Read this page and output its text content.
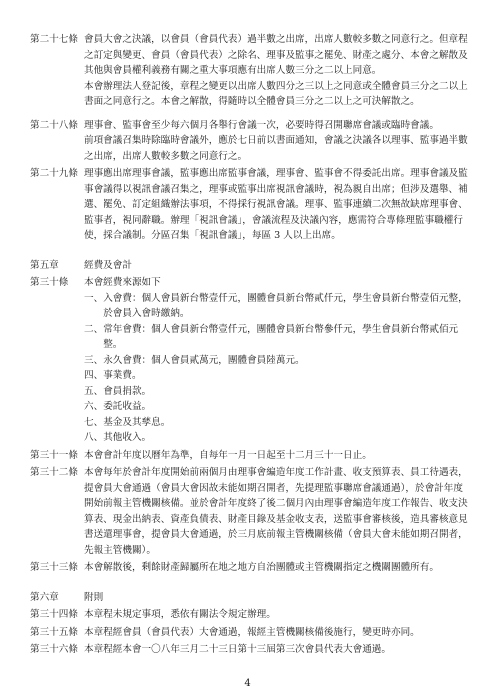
第二十七條 會員大會之決議，以會員（會員代表）過半數之出席，出席人數較多數之同意行之。但章程之訂定與變更、會員（會員代表）之除名、理事及監事之罷免、財產之處分、本會之解散及其他與會員權利義務有關之重大事項應有出席人數三分之二以上同意。

本會辦理法人登記後，章程之變更以出席人數四分之三以上之同意或全體會員三分之二以上書面之同意行之。本會之解散，得隨時以全體會員三分之二以上之可決解散之。

第二十八條 理事會、監事會至少每六個月各舉行會議一次，必要時得召開聯席會議或臨時會議。

前項會議召集時除臨時會議外，應於七日前以書面通知，會議之決議各以理事、監事過半數之出席，出席人數較多數之同意行之。

第二十九條 理事應出席理事會議，監事應出席監事會議，理事會、監事會不得委託出席。理事會議及監事會議得以視訊會議召集之，理事或監事出席視訊會議時，視為親自出席；但涉及選舉、補選、罷免、訂定組織辦法事項，不得採行視訊會議。理事、監事連續二次無故缺席理事會、監事者，視同辭職。辦理「視訊會議」，會議流程及決議內容，應需符合專條理監事職權行使，採合議制。分區召集「視訊會議」，每區 3 人以上出席。

第五章	經費及會計
第三十條	本會經費來源如下

一、 入會費：個人會員新台幣壹仟元，團體會員新台幣貳仟元，學生會員新台幣壹佰元整，於會員入會時繳納。
二、 常年會費：個人會員新台幣壹仟元，團體會員新台幣參仟元，學生會員新台幣貳佰元整。
三、 永久會費：個人會員貳萬元，團體會員陸萬元。
四、 事業費。
五、 會員捐款。
六、 委託收益。
七、 基金及其孳息。
八、 其他收入。
第三十一條 本會會計年度以曆年為準，自每年一月一日起至十二月三十一日止。

第三十二條 本會每年於會計年度開始前兩個月由理事會編造年度工作計畫、收支預算表、員工待遇表，提會員大會通過（會員大會因故未能如期召開者，先提理監事聯席會議通過），於會計年度開始前報主管機關核備。並於會計年度終了後二個月內由理事會編造年度工作報告、收支決算表、現金出納表、資產負債表、財產目錄及基金收支表，送監事會審核後，造具審核意見書送還理事會，提會員大會通過，於三月底前報主管機關核備（會員大會未能如期召開者，先報主管機關）。

第三十三條 本會解散後，剩餘財產歸屬所在地之地方自治團體或主管機關指定之機關團體所有。

第六章	附則
第三十四條 本章程未規定事項，悉依有關法令規定辦理。

第三十五條 本章程經會員（會員代表）大會通過，報經主管機關核備後施行，變更時亦同。

第三十六條 本章程經本會一〇八年三月二十三日第十三屆第三次會員代表大會通過。

4
